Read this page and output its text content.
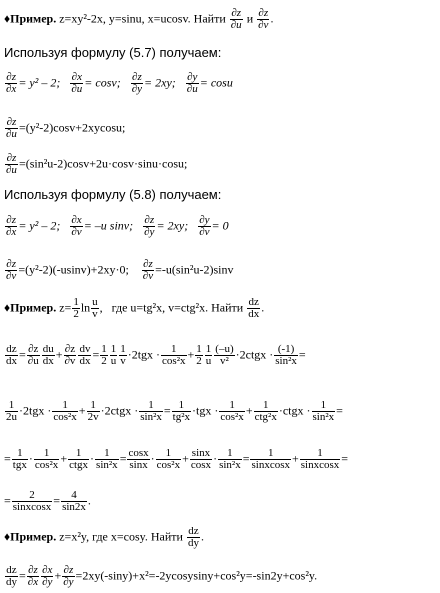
♦Пример. z=xy²-2x, y=sinu, x=ucosv. Найти $\frac{\partial z}{\partial u}$ и $\frac{\partial z}{\partial v}$ .
Используя формулу (5.7) получаем:
$\frac{\partial z}{\partial x} = y^2 - 2$; $\frac{\partial x}{\partial u} = \cos v$; $\frac{\partial z}{\partial y} = 2xy$; $\frac{\partial y}{\partial u} = \cos u$
$\frac{\partial z}{\partial u} =(y^2-2)\cos v+2xycosu$;
$\frac{\partial z}{\partial u} =(\sin^2u-2)\cos v+2u\cdot\cos v\cdot\sin u\cdot\cos u$;
Используя формулу (5.8) получаем:
$\frac{\partial z}{\partial x} = y^2 - 2$; $\frac{\partial x}{\partial v} = -u$ sinv; $\frac{\partial z}{\partial y} = 2xy$; $\frac{\partial y}{\partial v} = 0$
$\frac{\partial z}{\partial v} =(y^2-2)(-usinv)+2xy\cdot 0$; $\frac{\partial z}{\partial v} =-u(\sin^2u-2)\sin v$
♦Пример. $z= \frac{1}{2}$ $\ln \frac{u}{v}$ ,   где u=tg²x, v=ctg²x. Найти $\frac{dz}{dx}$ .
$\frac{dz}{dx} = \frac{\partial z}{\partial u} \frac{du}{dx} + \frac{\partial z}{\partial v} \frac{dv}{dx} = \frac{1}{2} \frac{1}{u} \frac{1}{v} \cdot 2tgx \cdot \frac{1}{\text{cos²x}} + \frac{1}{2} \frac{1}{u} \frac{(-u)}{\text{v²}}$ ·2ctgx · $\frac{(-1)}{\text{sin²x}}$ =
$\frac{1}{2u} \cdot 2tgx \cdot \frac{1}{\text{cos²x}} + \frac{1}{2v}$ ·2ctgx · $\frac{1}{\text{sin²x}} = \frac{1}{\text{tg²x}} \cdot tgx \cdot \frac{1}{\text{cos²x}} + \frac{1}{\text{ctg²x}}$ ·ctgx · $\frac{1}{\text{sin²x}}$ =
= $\frac{1}{\text{tgx}} \cdot \frac{1}{\text{cos²x}} + \frac{1}{\text{ctgx}} \cdot \frac{1}{\text{sin²x}} = \frac{\cos x}{\sin x} \cdot \frac{1}{\text{cos²x}} + \frac{\sin x}{\cos x} \cdot \frac{1}{\text{sin²x}} = \frac{1}{\text{sinxcosx}} + \frac{1}{\text{sinxcosx}}$ =
= $\frac{2}{\text{sinxcosx}} = \frac{4}{\sin 2x}$ .
♦Пример. z=x²y, где x=cosy. Найти $\frac{dz}{dy}$ .
$\frac{dz}{dy} = \frac{\partial z}{\partial x} \frac{\partial x}{\partial y} + \frac{\partial z}{\partial y}$ =2xy(-siny)+x²=-2ycosysiny+cos²y=-sin2y+cos²y.
